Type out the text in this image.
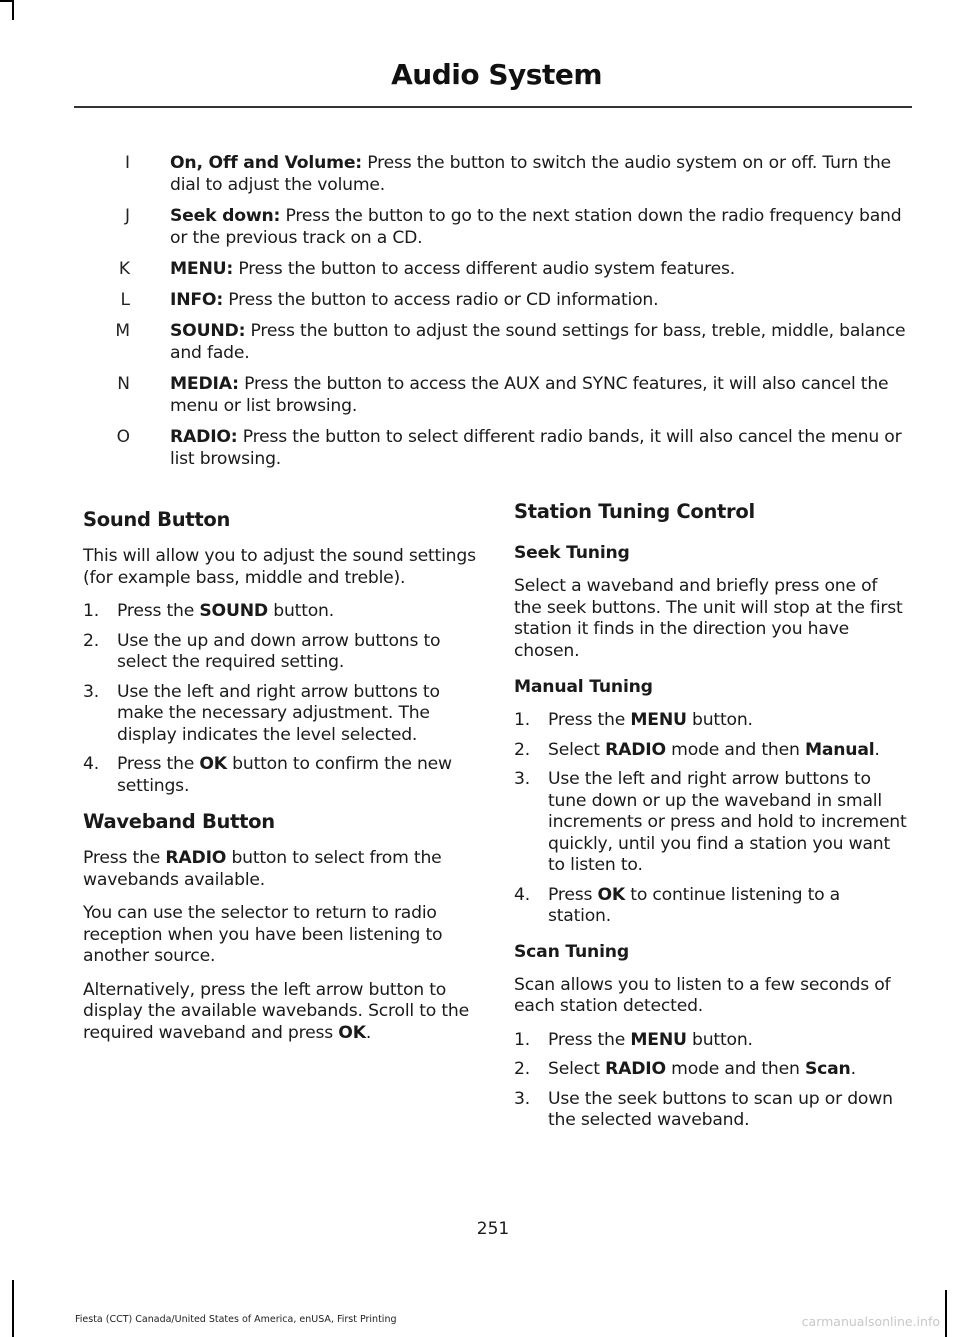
Audio System
I On, Off and Volume: Press the button to switch the audio system on or off. Turn the dial to adjust the volume.
J Seek down: Press the button to go to the next station down the radio frequency band or the previous track on a CD.
K MENU: Press the button to access different audio system features.
L INFO: Press the button to access radio or CD information.
M SOUND: Press the button to adjust the sound settings for bass, treble, middle, balance and fade.
N MEDIA: Press the button to access the AUX and SYNC features, it will also cancel the menu or list browsing.
O RADIO: Press the button to select different radio bands, it will also cancel the menu or list browsing.
Sound Button

This will allow you to adjust the sound settings (for example bass, middle and treble).

1.	Press the SOUND button.
2.	Use the up and down arrow buttons to select the required setting.
3.	Use the left and right arrow buttons to make the necessary adjustment. The display indicates the level selected.
4.	Press the OK button to confirm the new settings.
Waveband Button

Press the RADIO button to select from the wavebands available.

You can use the selector to return to radio reception when you have been listening to another source.

Alternatively, press the left arrow button to display the available wavebands. Scroll to the required waveband and press OK.

Station Tuning Control
Seek Tuning

Select a waveband and briefly press one of the seek buttons. The unit will stop at the first station it finds in the direction you have chosen.

Manual Tuning
1.	Press the MENU button.
2.	Select RADIO mode and then Manual.
3.	Use the left and right arrow buttons to tune down or up the waveband in small increments or press and hold to increment quickly, until you find a station you want to listen to.
4.	Press OK to continue listening to a station.
Scan Tuning

Scan allows you to listen to a few seconds of each station detected.

1.	Press the MENU button.
2.	Select RADIO mode and then Scan.
3.	Use the seek buttons to scan up or down the selected waveband.
251
Fiesta (CCT) Canada/United States of America, enUSA, First Printing	carmanualsonline.info
